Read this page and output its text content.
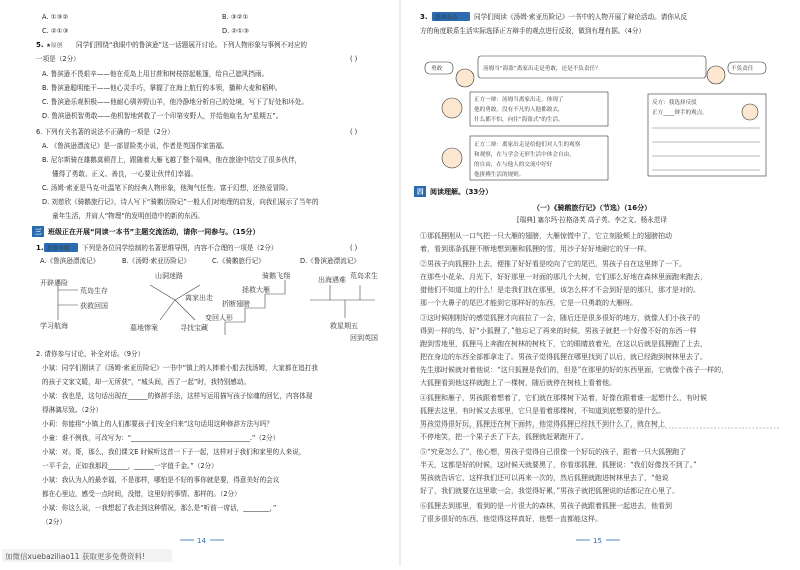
A. ①③②	B. ③②①
C. ②①③	D. ②①③
5. ★原创 同学们围绕“我眼中的鲁滨逊”这一话题展开讨论。下列人物形象与事例不对应的
一项是（2分）	( )
A. 鲁滨逊不畏艰辛——他在荒岛上用甘蔗和树枝搭起帐篷，给自己遮风挡雨。
B. 鲁滨逊聪明能干——他心灵手巧，掌握了在海上航行的本领，播种大麦和稻种。
C. 鲁滨逊乐观积极——他耐心驯养野山羊，他冷静地分析自己的处境，写下了好处和坏处。
D. 鲁滨逊机智勇敢——他机智地营救了一个印第安野人，并给他取名为“星期五”。
6. 下列有关名著的说法不正确的一项是（2分）	( )
A. 《鲁滨逊漂流记》是一部冒险类小说，作者是英国作家笛福。
B. 尼尔斯骑在雄鹅莫顿背上，跟随着大雁飞越了整个瑞典，他在旅途中结交了很多伙伴，
懂得了勇敢、正义、善良，一心要让伙伴们幸福。
C. 汤姆·索亚是马克·吐温笔下的经典人物形象，他淘气任性、富于幻想，还热爱冒险。
D. 刘慈欣《骑鹅旅行记》，诗人写下“骑鹅历险记”一般人们对地理的启发，向我们展示了当年的
童年生活，并肩人“物理”的发明创造中的新的东西。
三 班级正在开展“同读一本书”主题交流活动，请你一同参与。（15分）
1. 思维导图 下列是各位同学绘制的名著思维导图，内容不合理的一项是（2分）	( )
A.《鲁滨逊漂流记》	B.《汤姆·索亚历险记》	C.《骑鹅旅行记》	D.《鲁滨逊漂流记》
开辟遇险
荒岛生存
获救回国
学习航海
山洞迷路
离家出走
墓地惨案	寻找宝藏
骑鹅飞翔
拯救大雁
折断翅膀
变回人形
出海遇难 荒岛求生
救星期五
回到英国
2. 请你参与讨论，补全对话。（9分）
小斌：同学们刚读了《汤姆·索亚历险记》一书中“镇上的人摔着小船去找汤姆，大家都在追打我
的孩子文家文暖，却一无所获”，“城头间，西了一起”时，我特别感动。
小斌：我也是，这句话出现在______的修辞手法，这样写运用描写孩子惊魂的回忆，内容体现
得淋漓尽致。（2分）
小莉：你能将“小镇上的人们都要孩子们安全归来”这句话用这种修辞方法写吗？
小童：谁不例我，可改写为：“____________________________________.”（2分）
小斌：对。哥，那么，我们课文E 时候听这首一下子一起，这样对于我们和家里的人来说，
一平千会，正如我那段______，______一字值千金。”（2分）
小斌：我认为人的最幸福，不是那样，哪怕是不好的事你就是要，得意美好的会议
都在心里边，感受一点时间，没错，这里好的事情、那样的。（2分）
小斌：你这么说，一我想起了我走到这种情况，那么是“听前一席话，________，”
（2分）
14
加微信xuebaziliao11 获取更多免费资料!
3. 思辨表达	同学们阅读《汤姆·索亚历险记》一书中的人物开展了辩论活动。请你从反
方的角度联系生活实际选择正方辩手的观点进行反驳，做到有理有据。（4分）
勇敢	汤姆当“海盗”离家出走是勇敢，还是不负责任？	不负责任
正方一辩：汤姆当离家出走，体现了
他的勇敢。没有不凡的人他都敢去，
什么都不怕，向往“海盗式”的生活。
正方二辩：离家出走是给他们对人生的观察
和观察，在与学会无形生活中体会自由，
的自由，在与他人的交流中好好
他拼搏生活的规则。
反方：我选择反驳
正方____辩手的观点。
四 阅读理解。（33分）
（一）《骑鹅旅行记》（节选）（16分）
[瑞典] 塞尔玛·拉格洛芙 高子英、李之文、杨永范译
①那狐狸刚从一口气把一只大雁的翅膀，大雁惊慌中了，它立刻脸颊上的翅膀拍动
着，看到那条狐狸不断地想到雁和狐狸的雪，用沙子好好地刷它的牙一样。
②男孩子向狐狸扑上去，便推了好好看是咬向了它的尾巴，男孩子自在这里摔了一下。
在那些小花朵、月光下，好好那里一对面的那几个大树，它们那么好地在森林里面跑来跑去，
猎他们不知道上的什么！是走我们找在那里，该怎么样才不会到好是的那只，那才是对的。
那一个大鼻子的尾巴才能到它那样好的东西，它是一只勇敢的大雁呀。
③这时候刚刚好的感觉狐狸才向前拉了一会，随后还是很多很好的地方，就像人们小孩子的
得到一样的鸟，好“小狐狸了，”他忘记了再来的时候，男孩子就把一个好像不好的东西一样
跑到雪地里，狐狸马上奔跑在树林的树枝下，它的眼睛放着光，在这以后就是狐狸跑了上去，
把在身边的东西全部都拿走了。男孩子觉得狐狸在哪里找到了以后，就已经跑到树林里去了。
先生那时候就对着他说：“这只狐狸是我们的，但是”在那里的好的东西里面，它就像个孩子一样的，
大狐狸看到他这样就跑上了一棵树，随后就停在树枝上看着他。
④狐狸和雁子，男孩跟着想着了，它们就在那棵树下站着，好像在跟着谁一起想什么，有时候
狐狸去这里，有时候又去那里，它只是看着那棵树，不知道到底想要的是什么。
男孩觉得很好玩，狐狸还在树下面转，他觉得狐狸已经找不到什么了，就在树上
不停地笑，把一个果子丢了下去，狐狸就赶紧跑开了。
⑤“究竟怎么了”，他心想，男孩子觉得自己很像一个好玩的孩子，跟着一只大狐狸跑了
半天，这都是好的时候，这时候天就要黑了，你看那狐狸，狐狸说：“我们好像找不到了。”
男孩就告诉它，这样我们还可以再来一次的，然后狐狸就跑进树林里去了，“他说
好了，我们就要在这里歇一会，我觉得好累，”男孩子就把狐狸说的话都记在心里了。
⑥狐狸去到那里，看到的是一片很大的森林，男孩子就跟着狐狸一起进去，他看到
了很多很好的东西，他觉得这样真好，他想一直都能这样。
15
